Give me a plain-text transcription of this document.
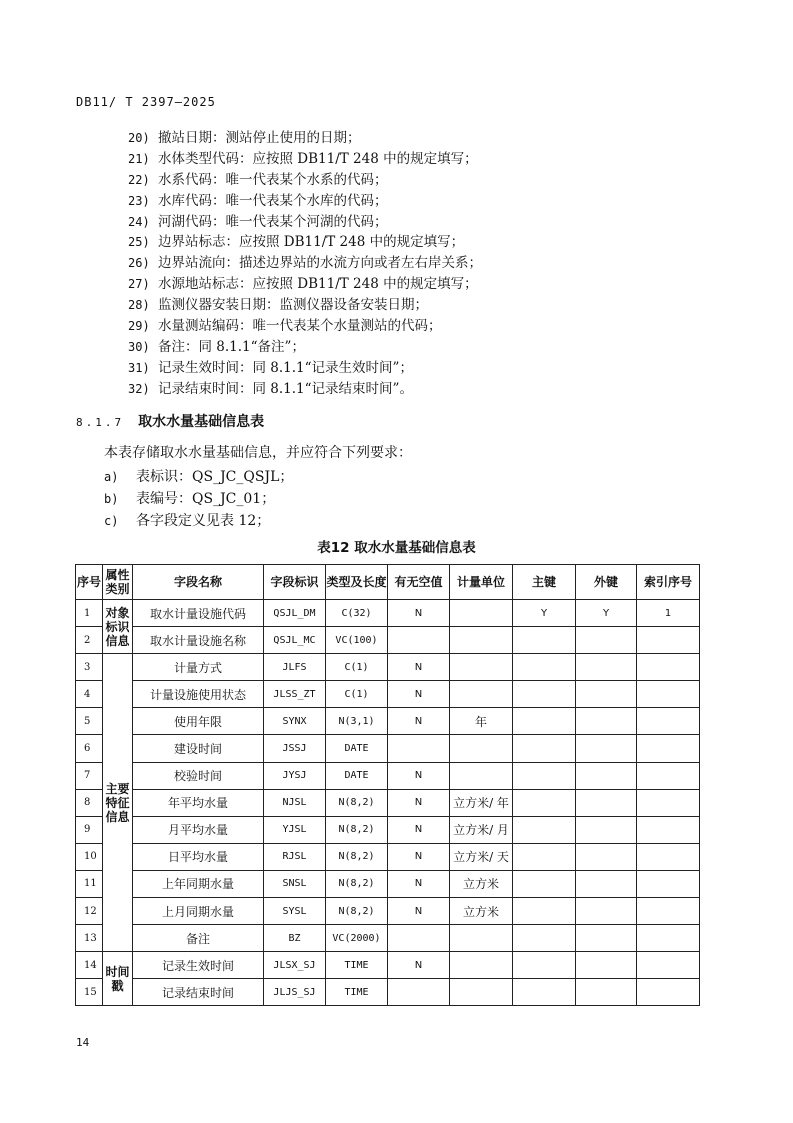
DB11/ T 2397—2025
20) 撤站日期：测站停止使用的日期；
21) 水体类型代码：应按照 DB11/T 248 中的规定填写；
22) 水系代码：唯一代表某个水系的代码；
23) 水库代码：唯一代表某个水库的代码；
24) 河湖代码：唯一代表某个河湖的代码；
25) 边界站标志：应按照 DB11/T 248 中的规定填写；
26) 边界站流向：描述边界站的水流方向或者左右岸关系；
27) 水源地站标志：应按照 DB11/T 248 中的规定填写；
28) 监测仪器安装日期：监测仪器设备安装日期；
29) 水量测站编码：唯一代表某个水量测站的代码；
30) 备注：同 8.1.1“备注”；
31) 记录生效时间：同 8.1.1“记录生效时间”；
32) 记录结束时间：同 8.1.1“记录结束时间”。
8.1.7 取水水量基础信息表
本表存储取水水量基础信息，并应符合下列要求：
a) 表标识：QS_JC_QSJL；
b) 表编号：QS_JC_01；
c) 各字段定义见表 12；
表12 取水水量基础信息表
序号	属性类别	字段名称	字段标识	类型及长度	有无空值	计量单位	主键	外键	索引序号
1	对象标识信息	取水计量设施代码	QSJL_DM	C(32)	N		Y	Y	1
2		取水计量设施名称	QSJL_MC	VC(100)					
3	主要特征信息	计量方式	JLFS	C(1)	N				
4		计量设施使用状态	JLSS_ZT	C(1)	N				
5		使用年限	SYNX	N(3,1)	N	年			
6		建设时间	JSSJ	DATE					
7		校验时间	JYSJ	DATE	N				
8		年平均水量	NJSL	N(8,2)	N	立方米/ 年			
9		月平均水量	YJSL	N(8,2)	N	立方米/ 月			
10		日平均水量	RJSL	N(8,2)	N	立方米/ 天			
11		上年同期水量	SNSL	N(8,2)	N	立方米			
12		上月同期水量	SYSL	N(8,2)	N	立方米			
13		备注	BZ	VC(2000)					
14	时间戳	记录生效时间	JLSX_SJ	TIME	N				
15		记录结束时间	JLJS_SJ	TIME					
14
